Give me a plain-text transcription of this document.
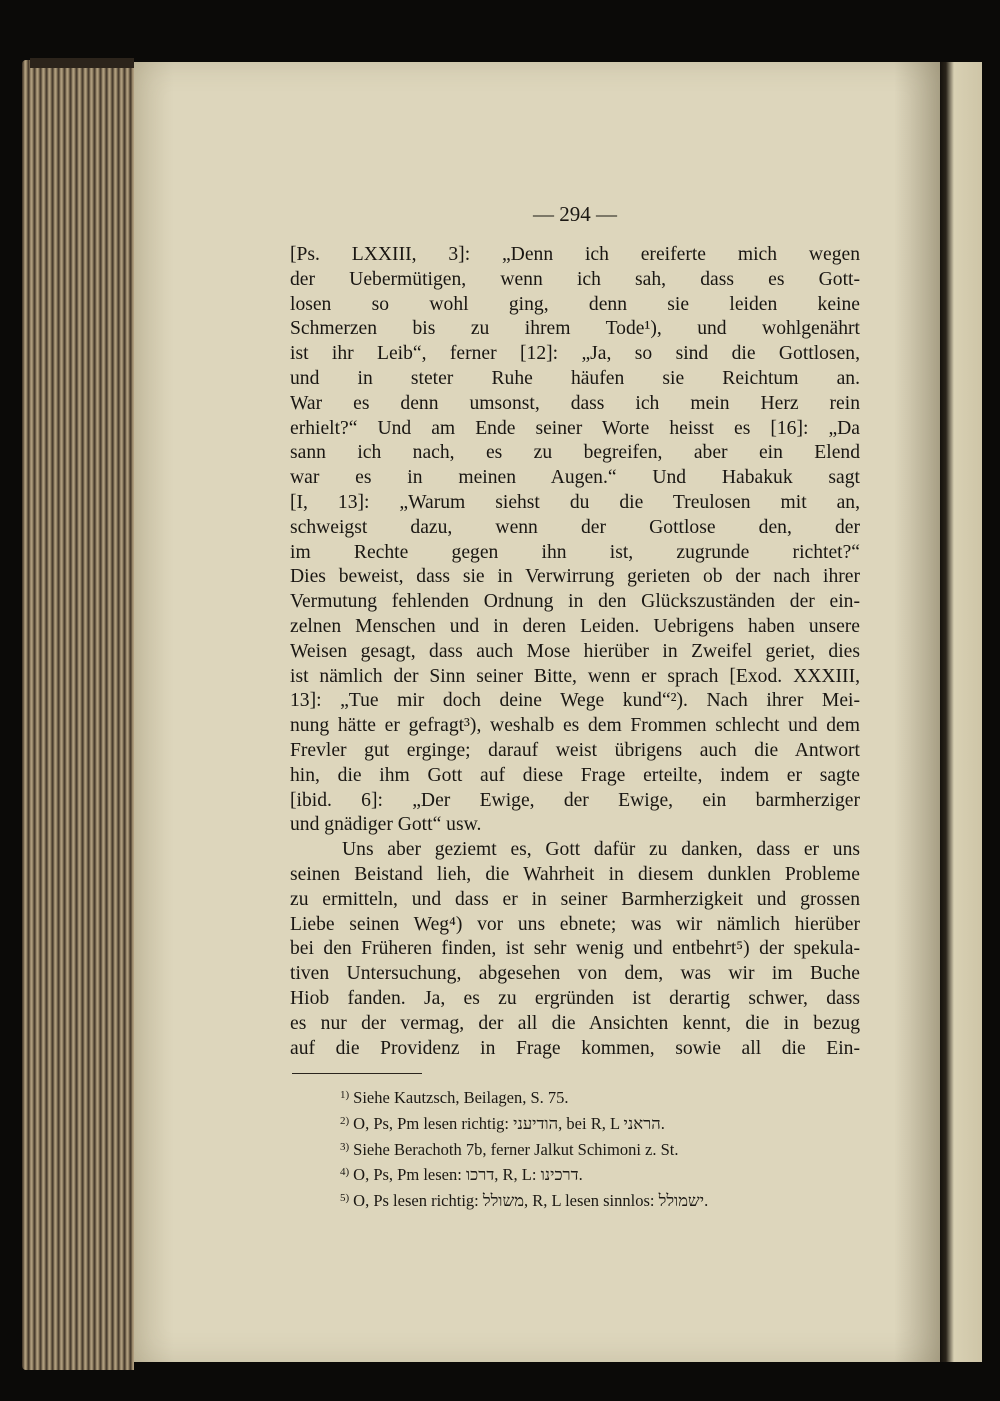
— 294 —
[Ps. LXXIII, 3]: „Denn ich ereiferte mich wegen
der Uebermütigen, wenn ich sah, dass es Gott-
losen so wohl ging, denn sie leiden keine
Schmerzen bis zu ihrem Tode¹), und wohlgenährt
ist ihr Leib“, ferner [12]: „Ja, so sind die Gottlosen,
und in steter Ruhe häufen sie Reichtum an.
War es denn umsonst, dass ich mein Herz rein
erhielt?“ Und am Ende seiner Worte heisst es [16]: „Da
sann ich nach, es zu begreifen, aber ein Elend
war es in meinen Augen.“ Und Habakuk sagt
[I, 13]: „Warum siehst du die Treulosen mit an,
schweigst dazu, wenn der Gottlose den, der
im Rechte gegen ihn ist, zugrunde richtet?“
Dies beweist, dass sie in Verwirrung gerieten ob der nach ihrer
Vermutung fehlenden Ordnung in den Glückszuständen der ein-
zelnen Menschen und in deren Leiden. Uebrigens haben unsere
Weisen gesagt, dass auch Mose hierüber in Zweifel geriet, dies
ist nämlich der Sinn seiner Bitte, wenn er sprach [Exod. XXXIII,
13]: „Tue mir doch deine Wege kund“²). Nach ihrer Mei-
nung hätte er gefragt³), weshalb es dem Frommen schlecht und dem
Frevler gut erginge; darauf weist übrigens auch die Antwort
hin, die ihm Gott auf diese Frage erteilte, indem er sagte
[ibid. 6]: „Der Ewige, der Ewige, ein barmherziger
und gnädiger Gott“ usw.
Uns aber geziemt es, Gott dafür zu danken, dass er uns
seinen Beistand lieh, die Wahrheit in diesem dunklen Probleme
zu ermitteln, und dass er in seiner Barmherzigkeit und grossen
Liebe seinen Weg⁴) vor uns ebnete; was wir nämlich hierüber
bei den Früheren finden, ist sehr wenig und entbehrt⁵) der spekula-
tiven Untersuchung, abgesehen von dem, was wir im Buche
Hiob fanden. Ja, es zu ergründen ist derartig schwer, dass
es nur der vermag, der all die Ansichten kennt, die in bezug
auf die Providenz in Frage kommen, sowie all die Ein-
$^{1)}$ Siehe Kautzsch, Beilagen, S. 75.
$^{2)}$ O, Ps, Pm lesen richtig: הודיעני, bei R, L הראני.
$^{3)}$ Siehe Berachoth 7b, ferner Jalkut Schimoni z. St.
$^{4)}$ O, Ps, Pm lesen: דרכו, R, L: דרכינו.
$^{5)}$ O, Ps lesen richtig: משולל, R, L lesen sinnlos: ישמולל.
